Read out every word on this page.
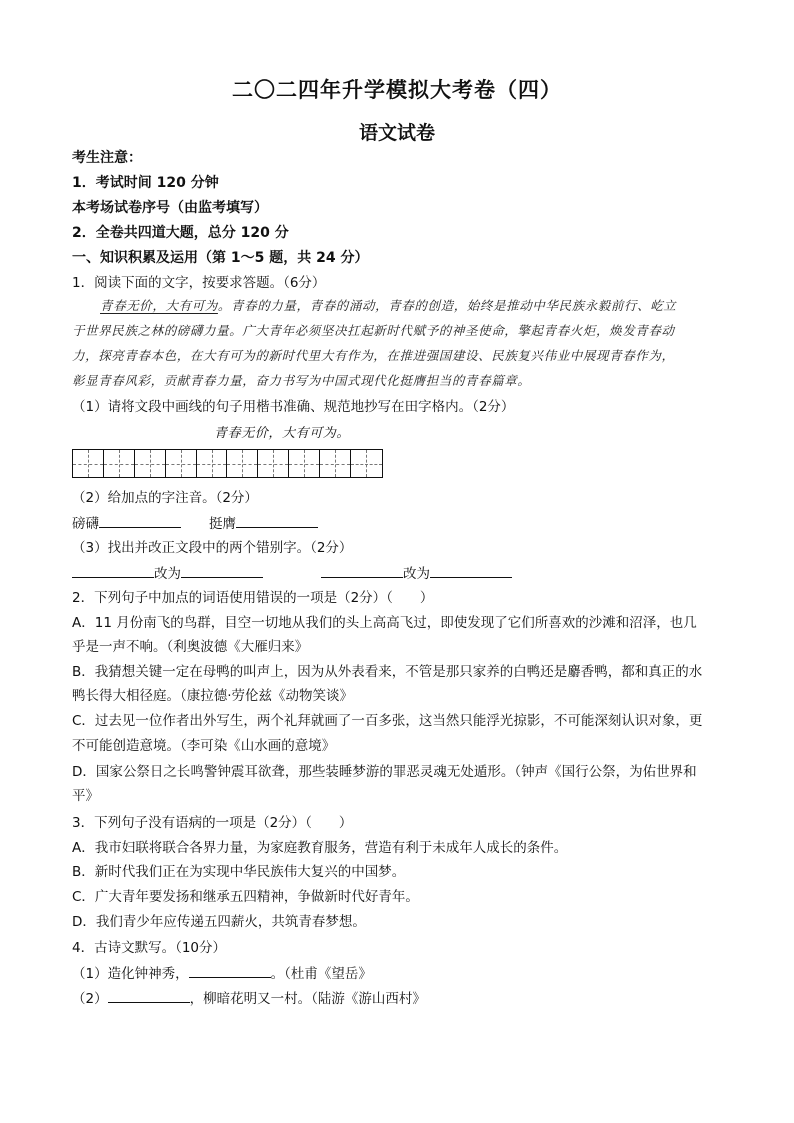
二〇二四年升学模拟大考卷（四）
语文试卷
考生注意：
1．考试时间 120 分钟
本考场试卷序号（由监考填写）
2．全卷共四道大题，总分 120 分
一、知识积累及运用（第 1～5 题，共 24 分）
1．阅读下面的文字，按要求答题。（6分）
青春无价，大有可为。青春的力量，青春的涌动，青春的创造，始终是推动中华民族永毅前行、屹立
于世界民族之林的磅礴力量。广大青年必须坚决扛起新时代赋予的神圣使命，擎起青春火炬，焕发青春动
力，探亮青春本色，在大有可为的新时代里大有作为，在推进强国建设、民族复兴伟业中展现青春作为，
彰显青春风彩，贡献青春力量，奋力书写为中国式现代化挺膺担当的青春篇章。
（1）请将文段中画线的句子用楷书准确、规范地抄写在田字格内。（2分）
青春无价，大有可为。
（2）给加点的字注音。（2分）
磅礴	挺膺
（3）找出并改正文段中的两个错别字。（2分）
改为	改为
2．下列句子中加点的词语使用错误的一项是（2分）（　　）
A．11 月份南飞的鸟群，目空一切地从我们的头上高高飞过，即使发现了它们所喜欢的沙滩和沼泽，也几
乎是一声不响。（利奥波德《大雁归来》
B．我猜想关键一定在母鸭的叫声上，因为从外表看来，不管是那只家养的白鸭还是麝香鸭，都和真正的水
鸭长得大相径庭。（康拉德·劳伦兹《动物笑谈》
C．过去见一位作者出外写生，两个礼拜就画了一百多张，这当然只能浮光掠影，不可能深刻认识对象，更
不可能创造意境。（李可染《山水画的意境》
D．国家公祭日之长鸣警钟震耳欲聋，那些装睡梦游的罪恶灵魂无处遁形。（钟声《国行公祭，为佑世界和
平》
3．下列句子没有语病的一项是（2分）（　　）
A．我市妇联将联合各界力量，为家庭教育服务，营造有利于未成年人成长的条件。
B．新时代我们正在为实现中华民族伟大复兴的中国梦。
C．广大青年要发扬和继承五四精神，争做新时代好青年。
D．我们青少年应传递五四薪火，共筑青春梦想。
4．古诗文默写。（10分）
（1）造化钟神秀，	。（杜甫《望岳》
（2）	，柳暗花明又一村。（陆游《游山西村》
